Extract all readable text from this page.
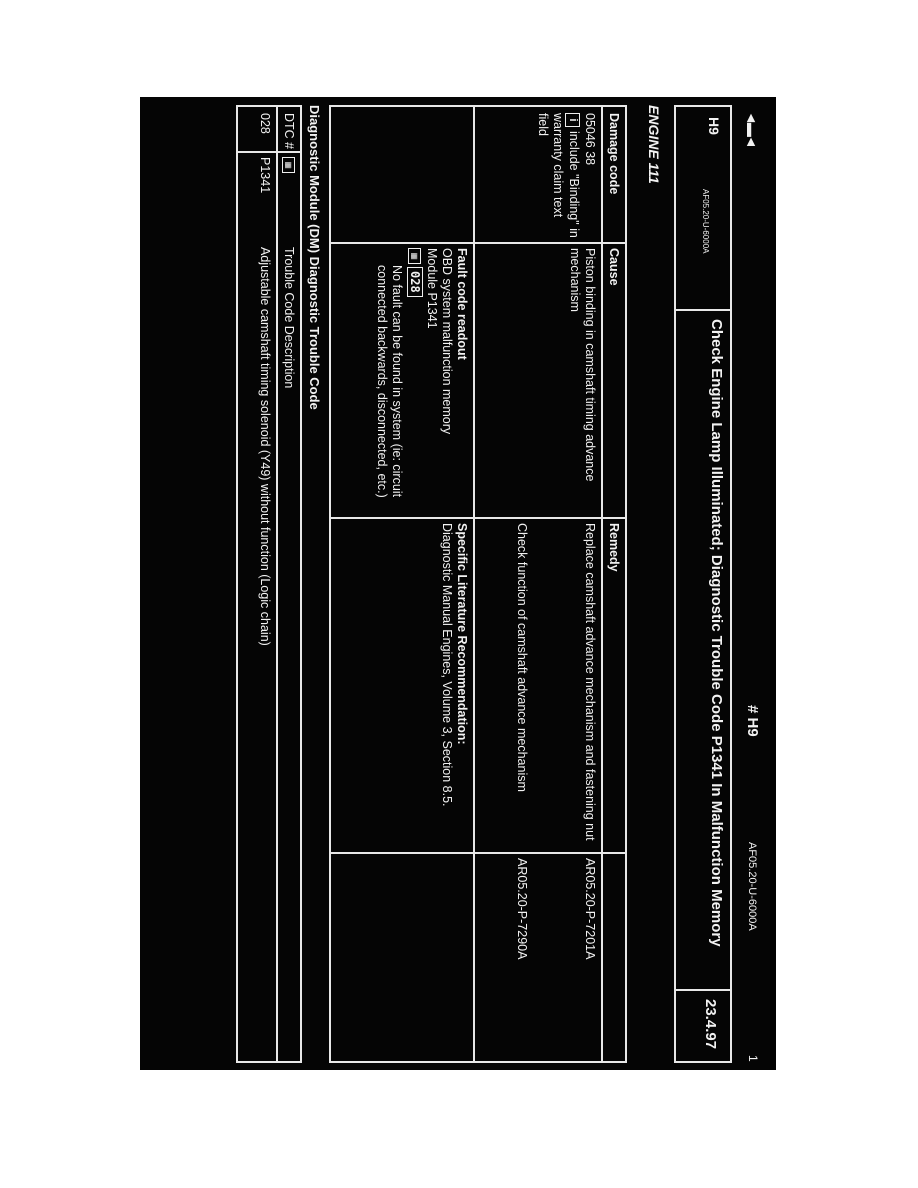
◄▬◄
# H9
AF05.20-U-6000A
1
H9
AF05.20-U-6000A
Check Engine Lamp Illuminated; Diagnostic Trouble Code P1341 In Malfunction Memory
23.4.97
ENGINE 111
Damage code
Cause
Remedy
05046 38
iinclude "Binding" in warranty claim text field
Piston binding in camshaft timing advance mechanism
Replace camshaft advance mechanism and fastening nut
AR05.20-P-7201A
Check function of camshaft advance mechanism
AR05.20-P-7290A
Fault code readout
OBD system malfunction memory
Module P1341
▦028
No fault can be found in system (ie: circuit connected backwards, disconnected, etc.)
Specific Literature Recommendation:
Diagnostic Manual Engines, Volume 3, Section 8.5.
Diagnostic Module (DM) Diagnostic Trouble Code
DTC #
▦
Trouble Code Description
028
P1341
Adjustable camshaft timing solenoid (Y49) without function (Logic chain)
